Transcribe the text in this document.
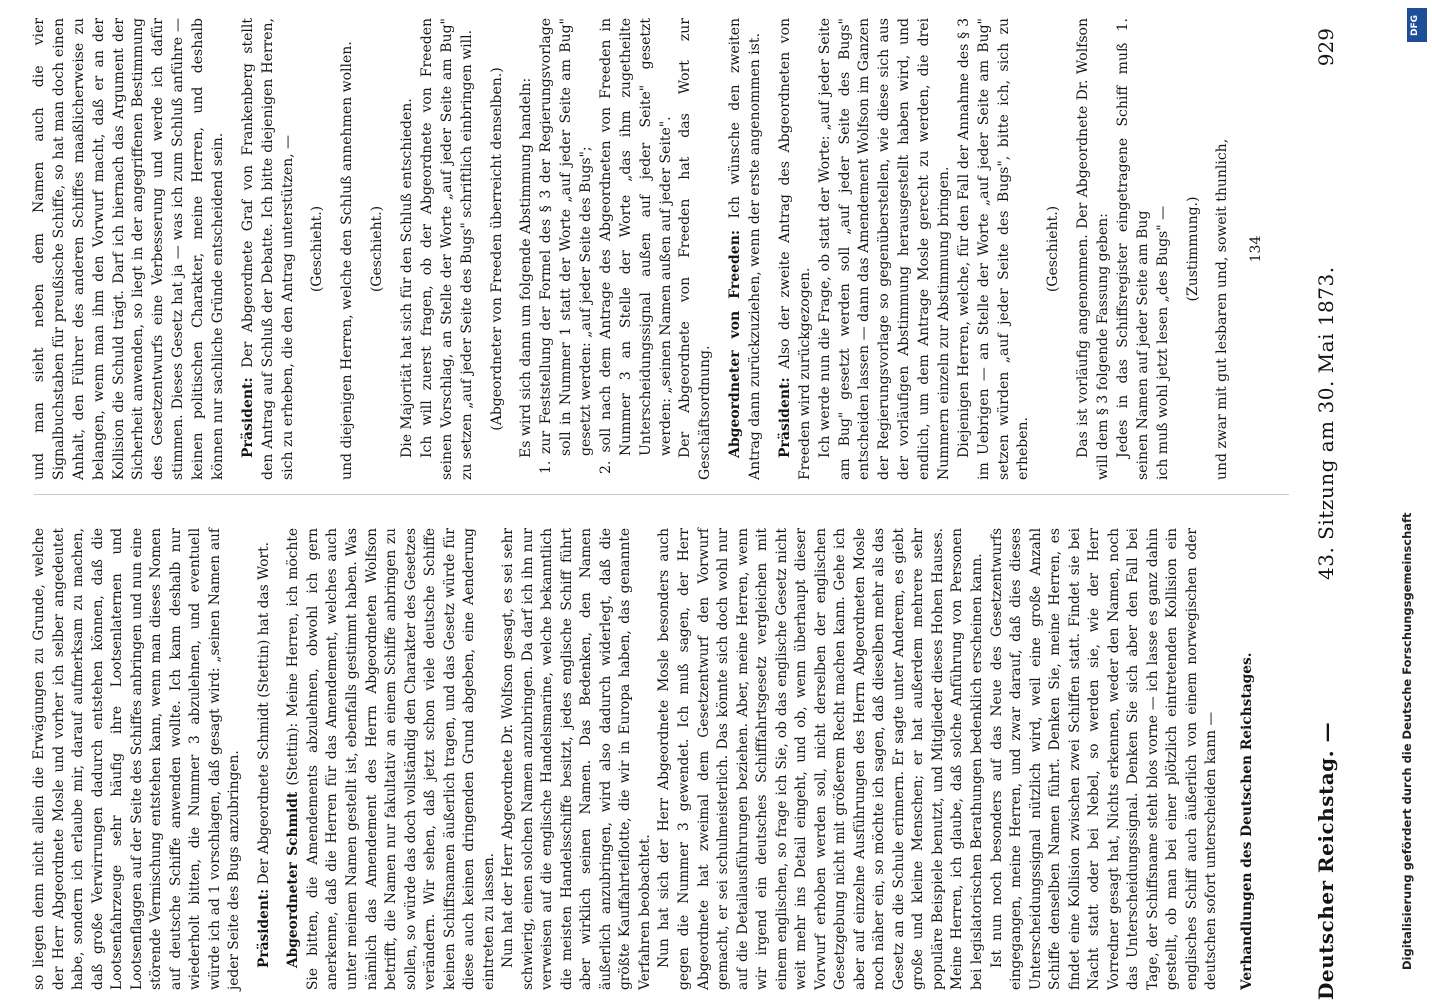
Deutscher Reichstag. —
43. Sitzung am 30. Mai 1873.
929

so liegen denn nicht allein die Erwägungen zu Grunde, welche der Herr Abgeordnete Mosle und vorher ich selber angedeutet habe, sondern ich erlaube mir, darauf aufmerksam zu machen, daß große Verwirrungen dadurch entstehen können, daß die Lootsenfahrzeuge sehr häufig ihre Lootsenlaternen und Lootsenflaggen auf der Seite des Schiffes anbringen und nun eine störende Vermischung entstehen kann, wenn man dieses Nomen auf deutsche Schiffe anwenden wollte. Ich kann deshalb nur wiederholt bitten, die Nummer 3 abzulehnen, und eventuell würde ich ad 1 vorschlagen, daß gesagt wird: „seinen Namen auf jeder Seite des Bugs anzubringen. Präsident: Der Abgeordnete Schmidt (Stettin) hat das Wort. Abgeordneter Schmidt (Stettin): Meine Herren, ich möchte Sie bitten, die Amendements abzulehnen, obwohl ich gern anerkenne, daß die Herren für das Amendement, welches auch unter meinem Namen gestellt ist, ebenfalls gestimmt haben. Was nämlich das Amendement des Herrn Abgeordneten Wolfson betrifft, die Namen nur fakultativ an einem Schiffe anbringen zu sollen, so würde das doch vollständig den Charakter des Gesetzes verändern. Wir sehen, daß jetzt schon viele deutsche Schiffe keinen Schiffsnamen äußerlich tragen, und das Gesetz würde für diese auch keinen dringenden Grund abgeben, eine Aenderung eintreten zu lassen. Nun hat der Herr Abgeordnete Dr. Wolfson gesagt, es sei sehr schwierig, einen solchen Namen anzubringen. Da darf ich ihn nur verweisen auf die englische Handelsmarine, welche bekanntlich die meisten Handelsschiffe besitzt, jedes englische Schiff führt aber wirklich seinen Namen. Das Bedenken, den Namen äußerlich anzubringen, wird also dadurch widerlegt, daß die größte Kauffahrteiflotte, die wir in Europa haben, das genannte Verfahren beobachtet. Nun hat sich der Herr Abgeordnete Mosle besonders auch gegen die Nummer 3 gewendet. Ich muß sagen, der Herr Abgeordnete hat zweimal dem Gesetzentwurf den Vorwurf gemacht, er sei schulmeisterlich. Das könnte sich doch wohl nur auf die Detailausführungen beziehen. Aber, meine Herren, wenn wir irgend ein deutsches Schifffahrtsgesetz vergleichen mit einem englischen, so frage ich Sie, ob das englische Gesetz nicht weit mehr ins Detail eingeht, und ob, wenn überhaupt dieser Vorwurf erhoben werden soll, nicht derselben der englischen Gesetzgebung nicht mit größerem Recht machen kann. Gehe ich aber auf einzelne Ausführungen des Herrn Abgeordneten Mosle noch näher ein, so möchte ich sagen, daß dieselben mehr als das Gesetz an die Schule erinnern. Er sagte unter Anderem, es giebt große und kleine Menschen; er hat außerdem mehrere sehr populäre Beispiele benutzt, und Mitglieder dieses Hohen Hauses. Meine Herren, ich glaube, daß solche Anführung von Personen bei legislatorischen Berathungen bedenklich erscheinen kann. Ist nun noch besonders auf das Neue des Gesetzentwurfs eingegangen, meine Herren, und zwar darauf, daß dies dieses Unterscheidungssignal nützlich wird, weil eine große Anzahl Schiffe denselben Namen führt. Denken Sie, meine Herren, es findet eine Kollision zwischen zwei Schiffen statt. Findet sie bei Nacht statt oder bei Nebel, so werden sie, wie der Herr Vorredner gesagt hat, Nichts erkennen, weder den Namen, noch das Unterscheidungssignal. Denken Sie sich aber den Fall bei Tage, der Schiffsname steht blos vorne — ich lasse es ganz dahin gestellt, ob man bei einer plötzlich eintretenden Kollision ein englisches Schiff auch äußerlich von einem norwegischen oder deutschen sofort unterscheiden kann — Verhandlungen des Deutschen Reichstages.

und man sieht neben dem Namen auch die vier Signalbuchstaben für preußische Schiffe, so hat man doch einen Anhalt, den Führer des anderen Schiffes maaßlicherweise zu belangen, wenn man ihm den Vorwurf macht, daß er an der Kollision die Schuld trägt. Darf ich hiernach das Argument der Sicherheit anwenden, so liegt in der angegriffenen Bestimmung des Gesetzentwurfs eine Verbesserung und werde ich dafür stimmen. Dieses Gesetz hat ja — was ich zum Schluß anführe — keinen politischen Charakter, meine Herren, und deshalb können nur sachliche Gründe entscheidend sein. Präsident: Der Abgeordnete Graf von Frankenberg stellt den Antrag auf Schluß der Debatte. Ich bitte diejenigen Herren, sich zu erheben, die den Antrag unterstützen, — (Geschieht.) und diejenigen Herren, welche den Schluß annehmen wollen. (Geschieht.) Die Majorität hat sich für den Schluß entschieden. Ich will zuerst fragen, ob der Abgeordnete von Freeden seinen Vorschlag, an Stelle der Worte „auf jeder Seite am Bug" zu setzen „auf jeder Seite des Bugs" schriftlich einbringen will. (Abgeordneter von Freeden überreicht denselben.) Es wird sich dann um folgende Abstimmung handeln: 1. zur Feststellung der Formel des § 3 der Regierungsvorlage soll in Nummer 1 statt der Worte „auf jeder Seite am Bug" gesetzt werden: „auf jeder Seite des Bugs"; 2. soll nach dem Antrage des Abgeordneten von Freeden in Nummer 3 an Stelle der Worte „das ihm zugetheilte Unterscheidungssignal außen auf jeder Seite" gesetzt werden: „seinen Namen außen auf jeder Seite". Der Abgeordnete von Freeden hat das Wort zur Geschäftsordnung. Abgeordneter von Freeden: Ich wünsche den zweiten Antrag dann zurückzuziehen, wenn der erste angenommen ist. Präsident: Also der zweite Antrag des Abgeordneten von Freeden wird zurückgezogen. Ich werde nun die Frage, ob statt der Worte: „auf jeder Seite am Bug" gesetzt werden soll „auf jeder Seite des Bugs" entscheiden lassen — dann das Amendement Wolfson im Ganzen der Regierungsvorlage so gegenüberstellen, wie diese sich aus der vorläufigen Abstimmung herausgestellt haben wird, und endlich, um dem Antrage Mosle gerecht zu werden, die drei Nummern einzeln zur Abstimmung bringen. Diejenigen Herren, welche, für den Fall der Annahme des § 3 im Uebrigen — an Stelle der Worte „auf jeder Seite am Bug" setzen würden „auf jeder Seite des Bugs", bitte ich, sich zu erheben.

(Geschieht.) Das ist vorläufig angenommen. Der Abgeordnete Dr. Wolfson will dem § 3 folgende Fassung geben: Jedes in das Schiffsregister eingetragene Schiff muß 1. seinen Namen auf jeder Seite am Bug ich muß wohl jetzt lesen „des Bugs" — (Zustimmung.) und zwar mit gut lesbaren und, soweit thunlich, 134

Digitalisierung gefördert durch die Deutsche Forschungsgemeinschaft
DFG
